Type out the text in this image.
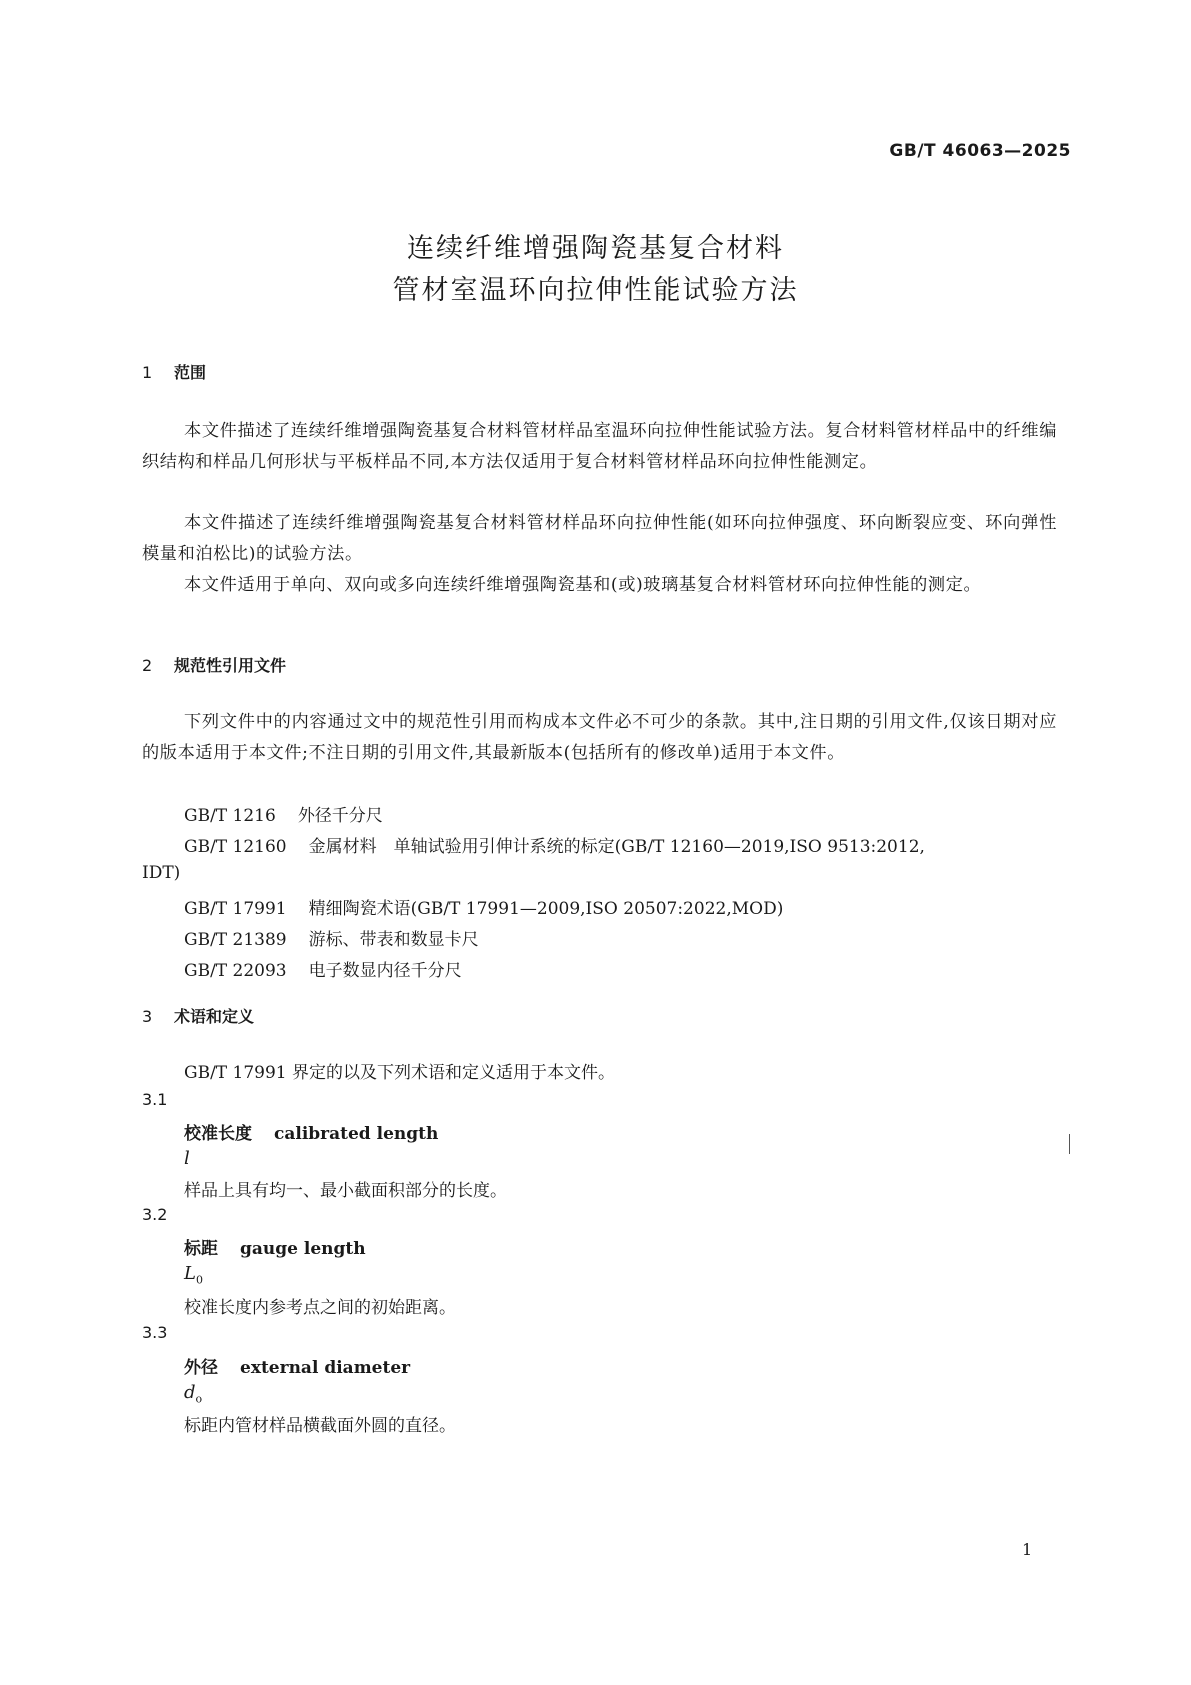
GB/T 46063—2025
连续纤维增强陶瓷基复合材料
管材室温环向拉伸性能试验方法
1 范围
本文件描述了连续纤维增强陶瓷基复合材料管材样品室温环向拉伸性能试验方法。复合材料管材样品中的纤维编织结构和样品几何形状与平板样品不同,本方法仅适用于复合材料管材样品环向拉伸性能测定。
本文件描述了连续纤维增强陶瓷基复合材料管材样品环向拉伸性能(如环向拉伸强度、环向断裂应变、环向弹性模量和泊松比)的试验方法。
本文件适用于单向、双向或多向连续纤维增强陶瓷基和(或)玻璃基复合材料管材环向拉伸性能的测定。
2 规范性引用文件
下列文件中的内容通过文中的规范性引用而构成本文件必不可少的条款。其中,注日期的引用文件,仅该日期对应的版本适用于本文件;不注日期的引用文件,其最新版本(包括所有的修改单)适用于本文件。
GB/T 1216 外径千分尺
GB/T 12160 金属材料　单轴试验用引伸计系统的标定(GB/T 12160—2019,ISO 9513:2012,
IDT)
GB/T 17991 精细陶瓷术语(GB/T 17991—2009,ISO 20507:2022,MOD)
GB/T 21389 游标、带表和数显卡尺
GB/T 22093 电子数显内径千分尺
3 术语和定义
GB/T 17991 界定的以及下列术语和定义适用于本文件。
3.1
校准长度 calibrated length
l
样品上具有均一、最小截面积部分的长度。
3.2
标距 gauge length
$L_0$
校准长度内参考点之间的初始距离。
3.3
外径 external diameter
$d_o$
标距内管材样品横截面外圆的直径。
1
